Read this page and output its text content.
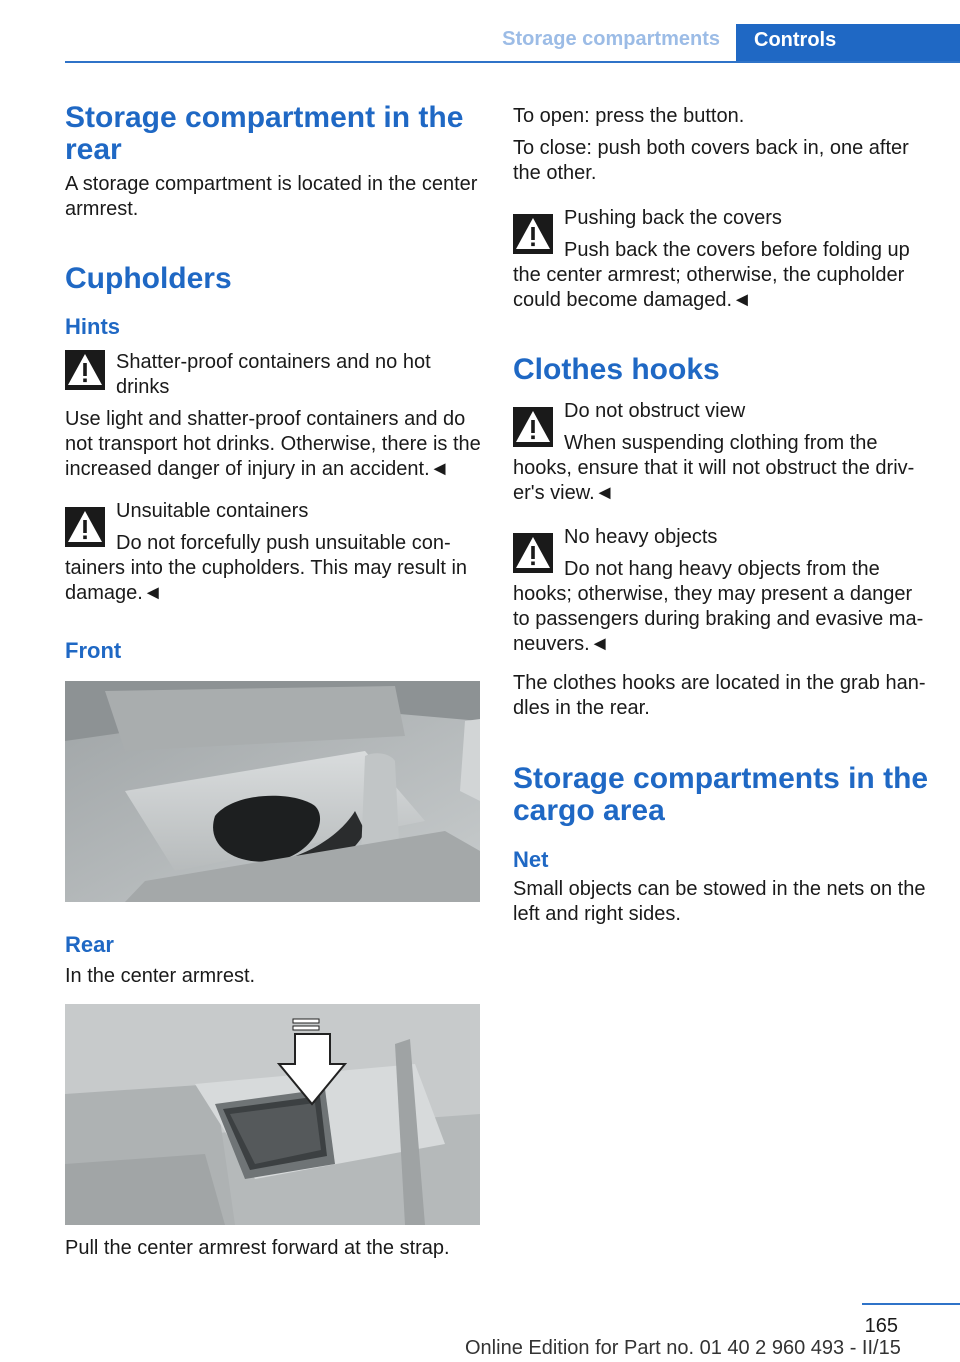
Storage compartments	Controls
Storage compartment in the rear

A storage compartment is located in the center armrest.

Cupholders
Hints

Shatter-proof containers and no hot drinks

Use light and shatter-proof containers and do not transport hot drinks. Otherwise, there is the increased danger of injury in an accident.◄

Unsuitable containers

Do not forcefully push unsuitable con-tainers into the cupholders. This may result in damage.◄

Front
Rear

In the center armrest.

Pull the center armrest forward at the strap.

To open: press the button.

To close: push both covers back in, one after the other.

Pushing back the covers

Push back the covers before folding up the center armrest; otherwise, the cupholder could become damaged.◄

Clothes hooks

Do not obstruct view

When suspending clothing from the hooks, ensure that it will not obstruct the driv-er's view.◄

No heavy objects

Do not hang heavy objects from the hooks; otherwise, they may present a danger to passengers during braking and evasive ma-neuvers.◄

The clothes hooks are located in the grab han-dles in the rear.

Storage compartments in the cargo area
Net

Small objects can be stowed in the nets on the left and right sides.

165
Online Edition for Part no. 01 40 2 960 493 - II/15
